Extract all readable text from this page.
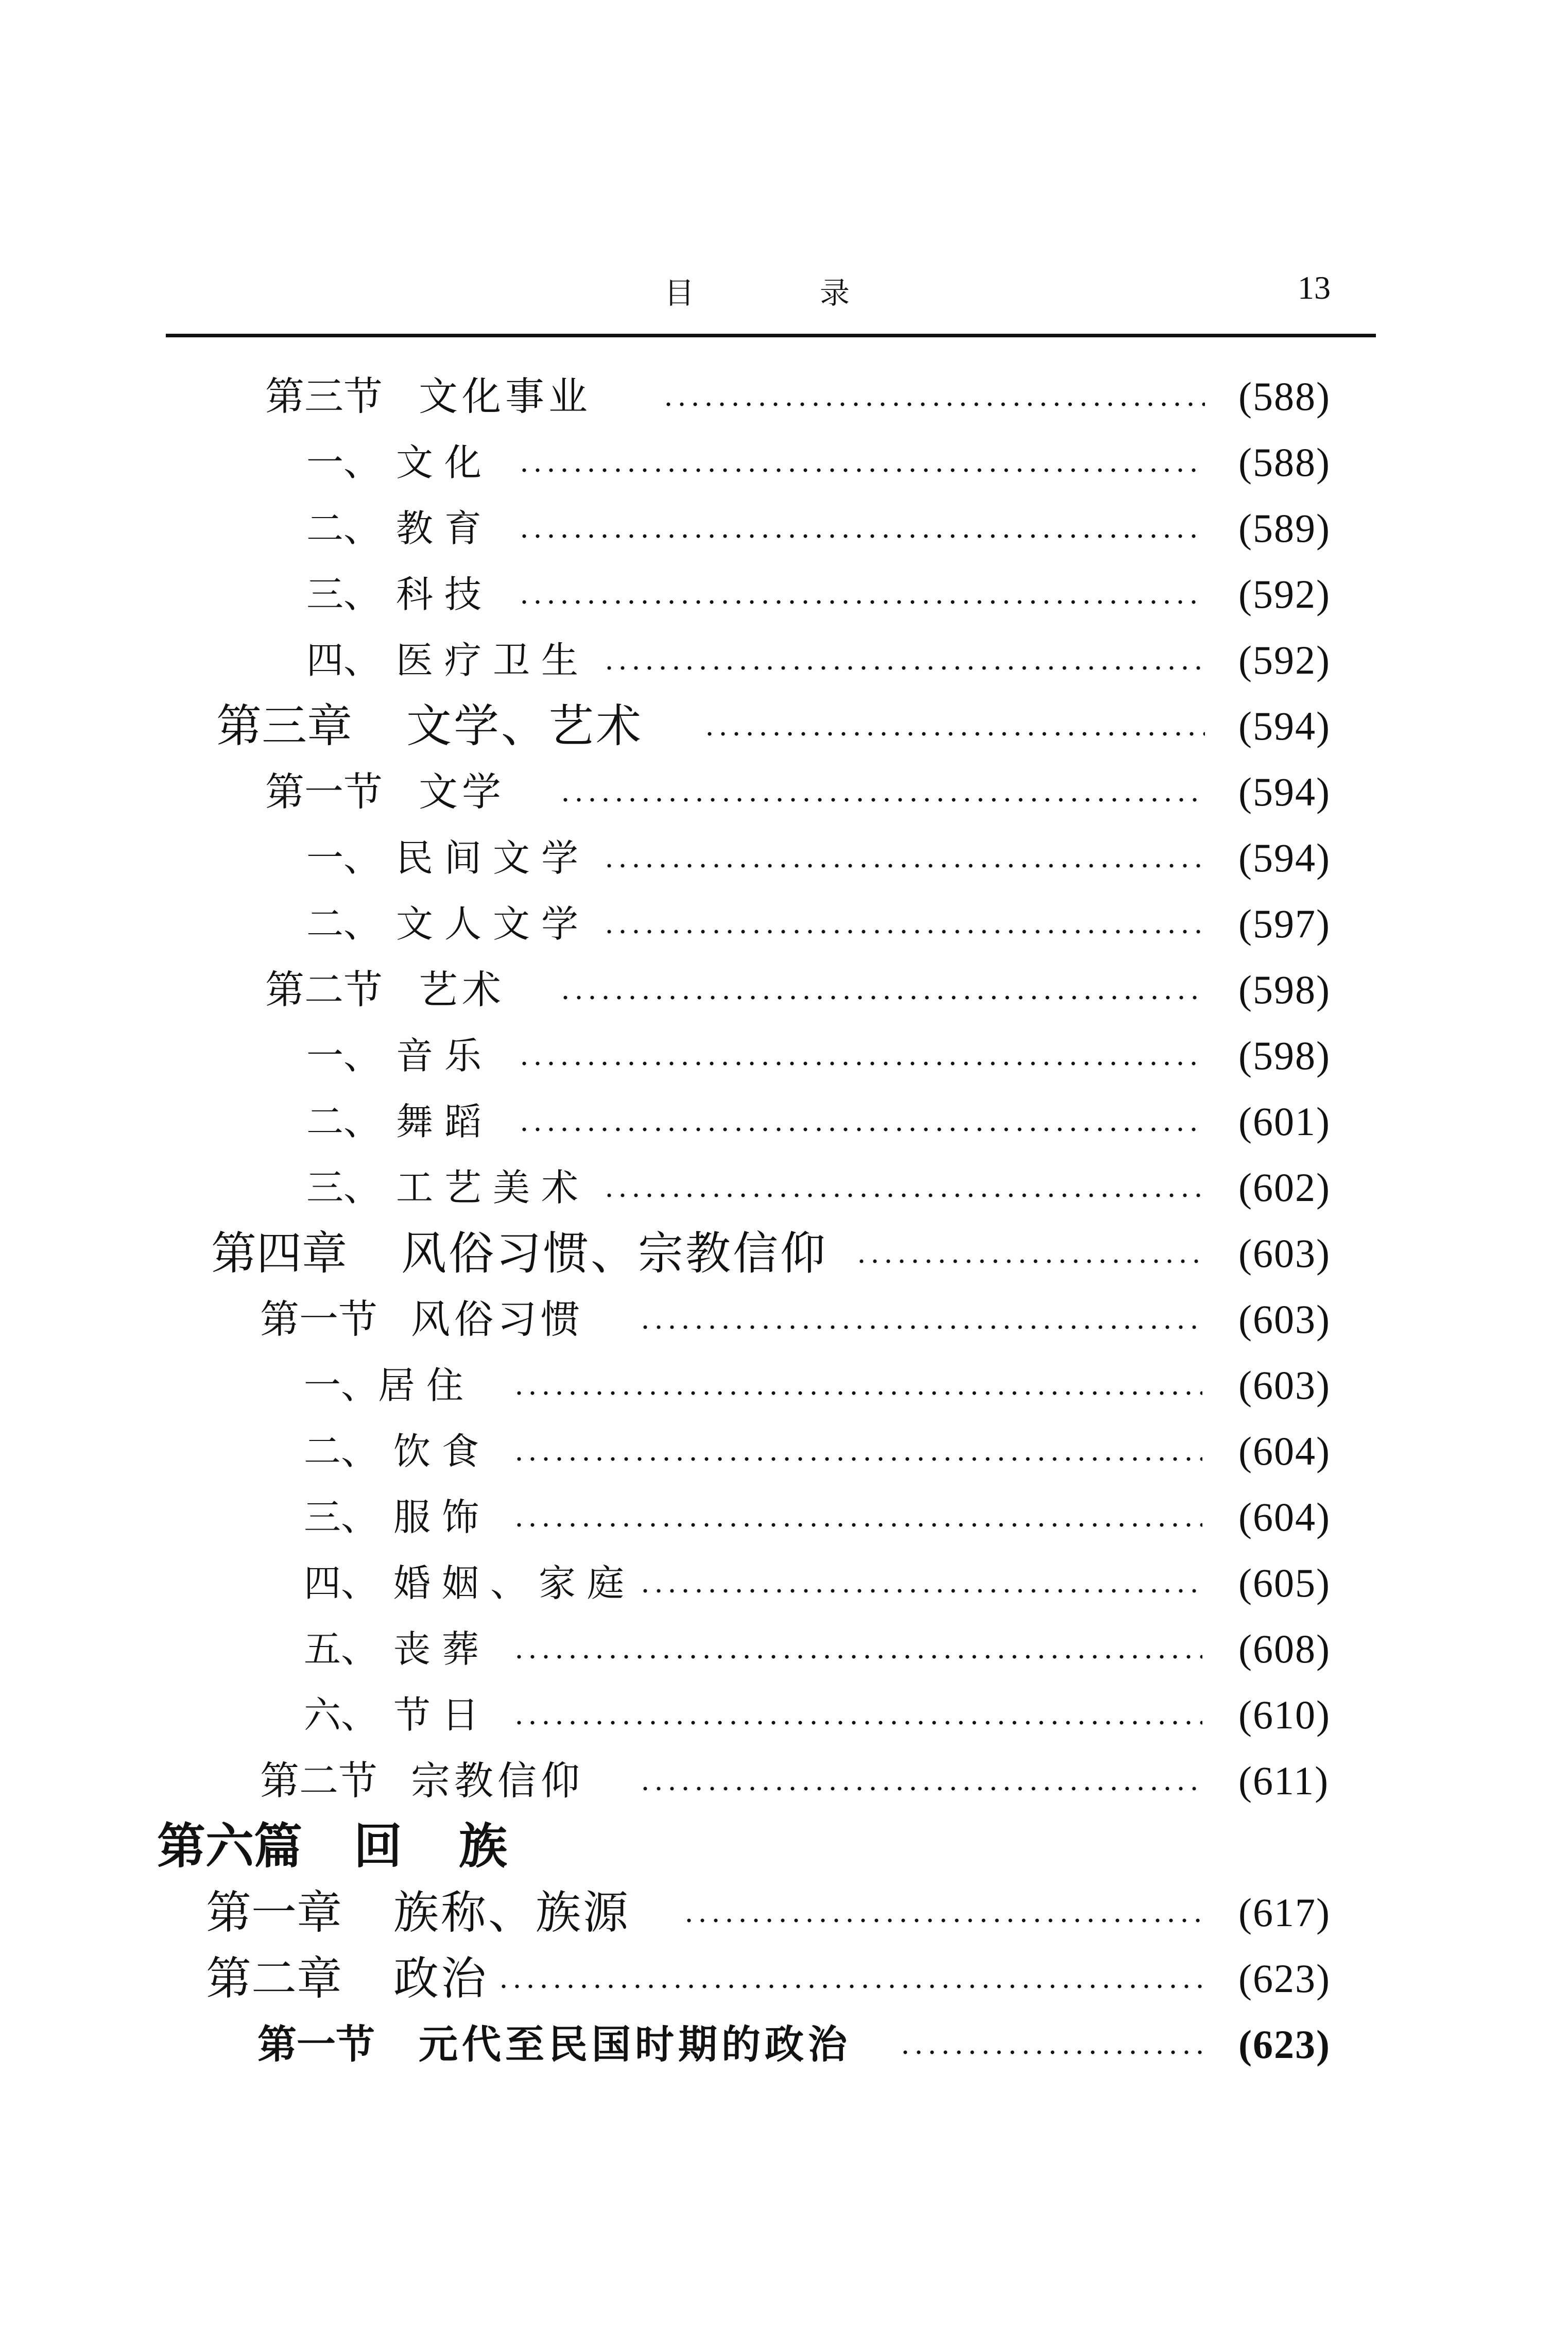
目	录	13
第三节 文化事业	(588)
一、 文化	(588)
二、 教育	(589)
三、 科技	(592)
四、 医疗卫生	(592)
第三章 文学、艺术	(594)
第一节 文学	(594)
一、 民间文学	(594)
二、 文人文学	(597)
第二节 艺术	(598)
一、 音乐	(598)
二、 舞蹈	(601)
三、 工艺美术	(602)
第四章 风俗习惯、宗教信仰	(603)
第一节 风俗习惯	(603)
一、居住	(603)
二、 饮食	(604)
三、 服饰	(604)
四、 婚姻、家庭	(605)
五、 丧葬	(608)
六、 节日	(610)
第二节 宗教信仰	(611)
第六篇 回　族
第一章 族称、族源	(617)
第二章 政治	(623)
第一节 元代至民国时期的政治	(623)
